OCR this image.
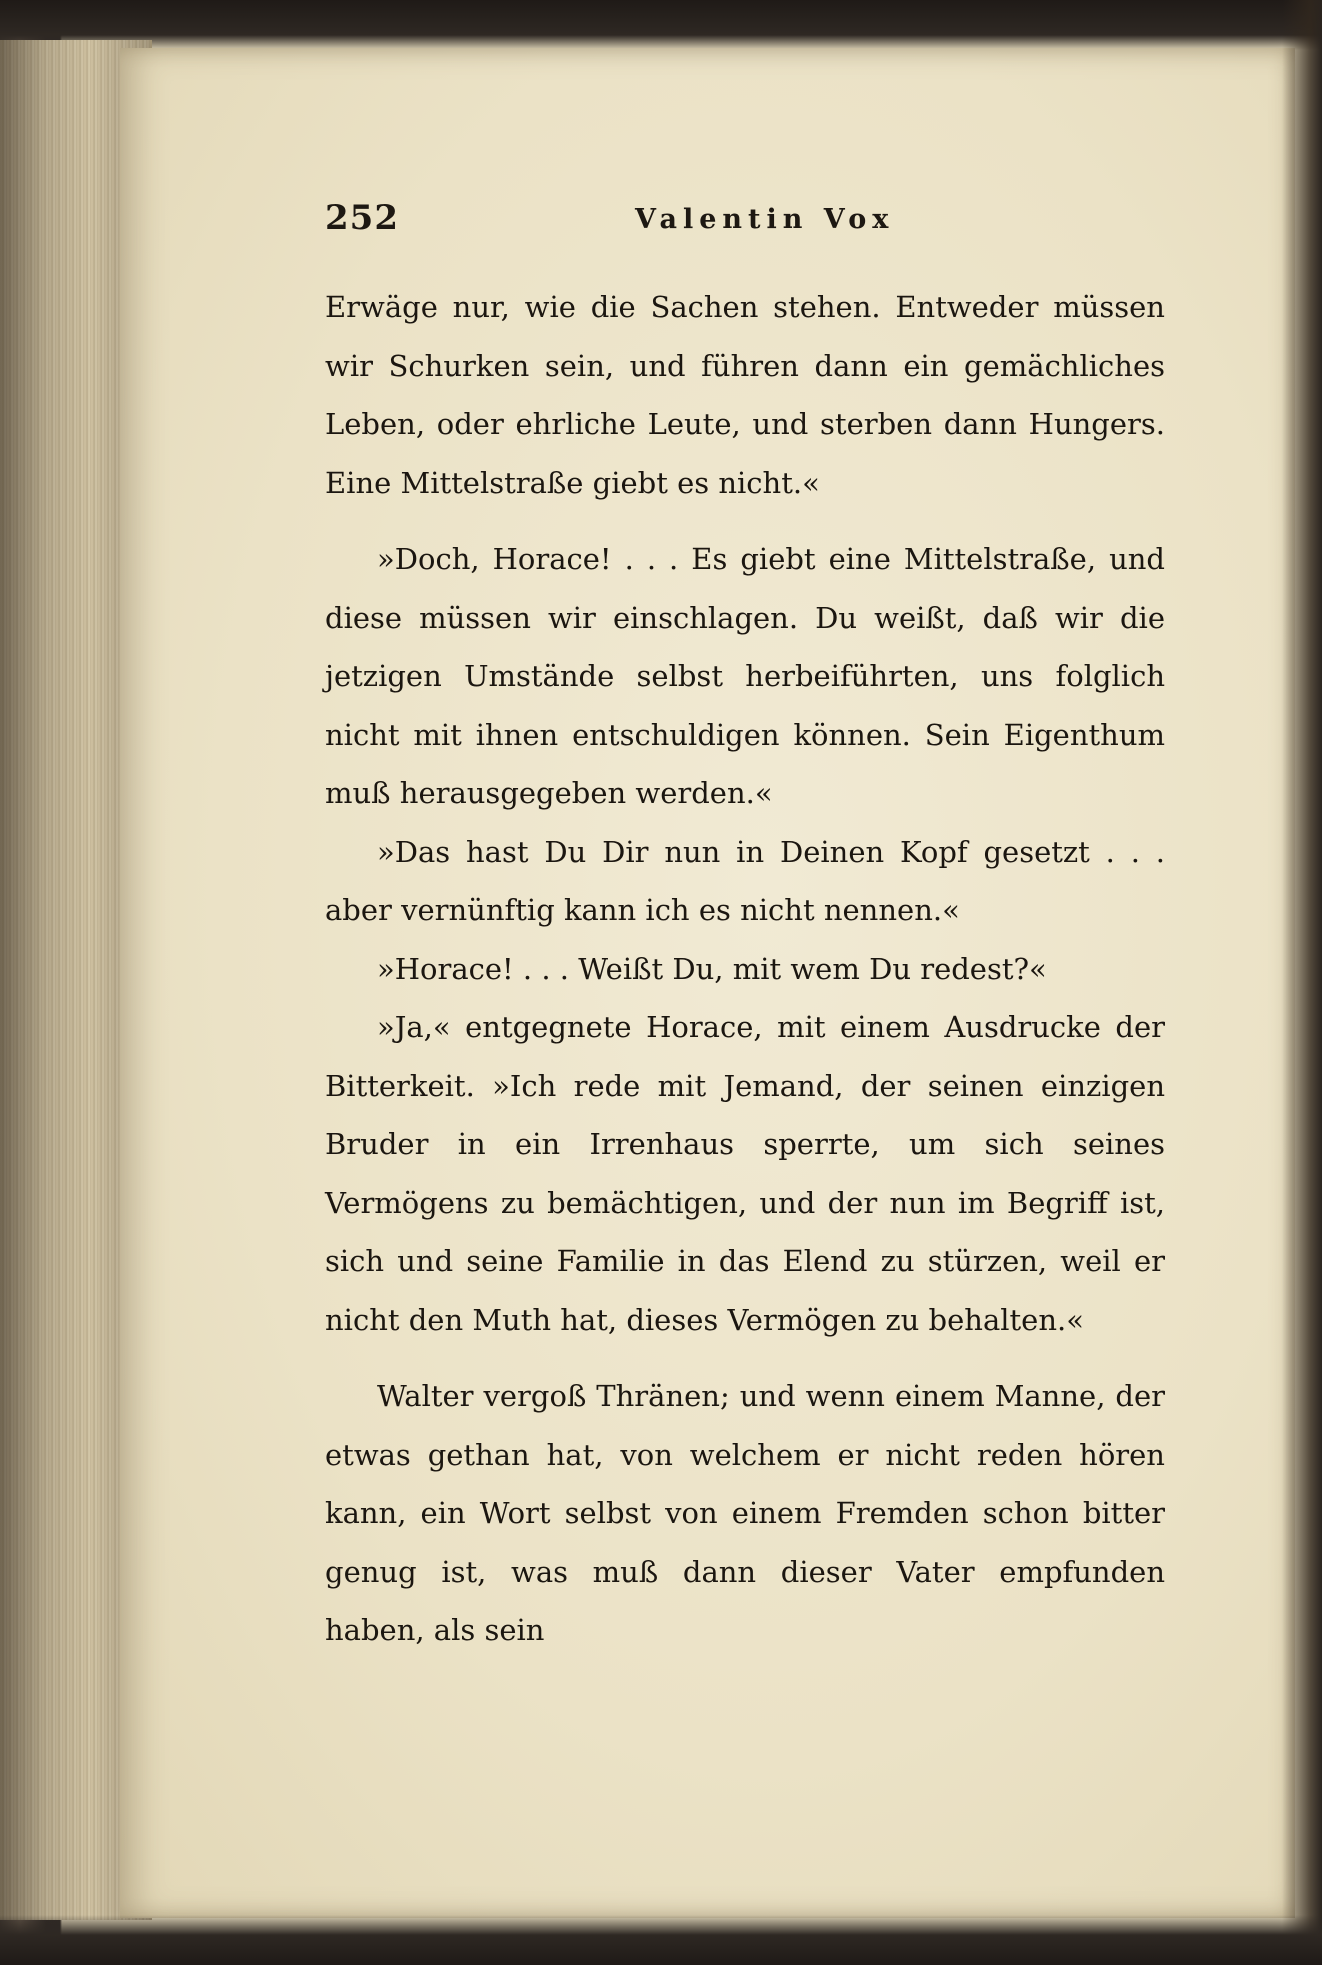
252	Valentin Vox

Erwäge nur, wie die Sachen stehen. Entweder müssen wir Schurken sein, und führen dann ein gemächliches Leben, oder ehrliche Leute, und sterben dann Hungers. Eine Mittelstraße giebt es nicht.«

»Doch, Horace! . . . Es giebt eine Mittelstraße, und diese müssen wir einschlagen. Du weißt, daß wir die jetzigen Umstände selbst herbeiführten, uns folglich nicht mit ihnen entschuldigen können. Sein Eigenthum muß herausgegeben werden.«

»Das hast Du Dir nun in Deinen Kopf gesetzt . . . aber vernünftig kann ich es nicht nennen.«

»Horace! . . . Weißt Du, mit wem Du redest?«

»Ja,« entgegnete Horace, mit einem Ausdrucke der Bitterkeit. »Ich rede mit Jemand, der seinen einzigen Bruder in ein Irrenhaus sperrte, um sich seines Vermögens zu bemächtigen, und der nun im Begriff ist, sich und seine Familie in das Elend zu stürzen, weil er nicht den Muth hat, dieses Vermögen zu behalten.«

Walter vergoß Thränen; und wenn einem Manne, der etwas gethan hat, von welchem er nicht reden hören kann, ein Wort selbst von einem Fremden schon bitter genug ist, was muß dann dieser Vater empfunden haben, als sein
